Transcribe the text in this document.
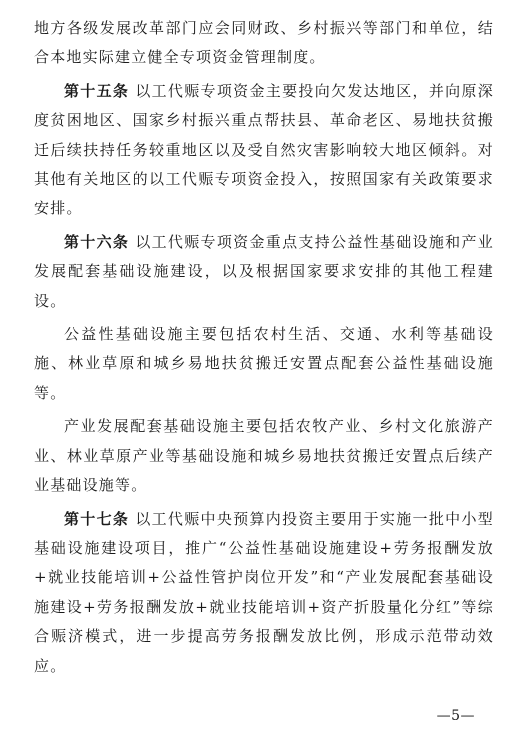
地方各级发展改革部门应会同财政、乡村振兴等部门和单位，结合本地实际建立健全专项资金管理制度。

第十五条 以工代赈专项资金主要投向欠发达地区，并向原深度贫困地区、国家乡村振兴重点帮扶县、革命老区、易地扶贫搬迁后续扶持任务较重地区以及受自然灾害影响较大地区倾斜。对其他有关地区的以工代赈专项资金投入，按照国家有关政策要求安排。

第十六条 以工代赈专项资金重点支持公益性基础设施和产业发展配套基础设施建设，以及根据国家要求安排的其他工程建设。

公益性基础设施主要包括农村生活、交通、水利等基础设施、林业草原和城乡易地扶贫搬迁安置点配套公益性基础设施等。

产业发展配套基础设施主要包括农牧产业、乡村文化旅游产业、林业草原产业等基础设施和城乡易地扶贫搬迁安置点后续产业基础设施等。

第十七条 以工代赈中央预算内投资主要用于实施一批中小型基础设施建设项目，推广“公益性基础设施建设+劳务报酬发放+就业技能培训+公益性管护岗位开发”和“产业发展配套基础设施建设+劳务报酬发放+就业技能培训+资产折股量化分红”等综合赈济模式，进一步提高劳务报酬发放比例，形成示范带动效应。

—5—
